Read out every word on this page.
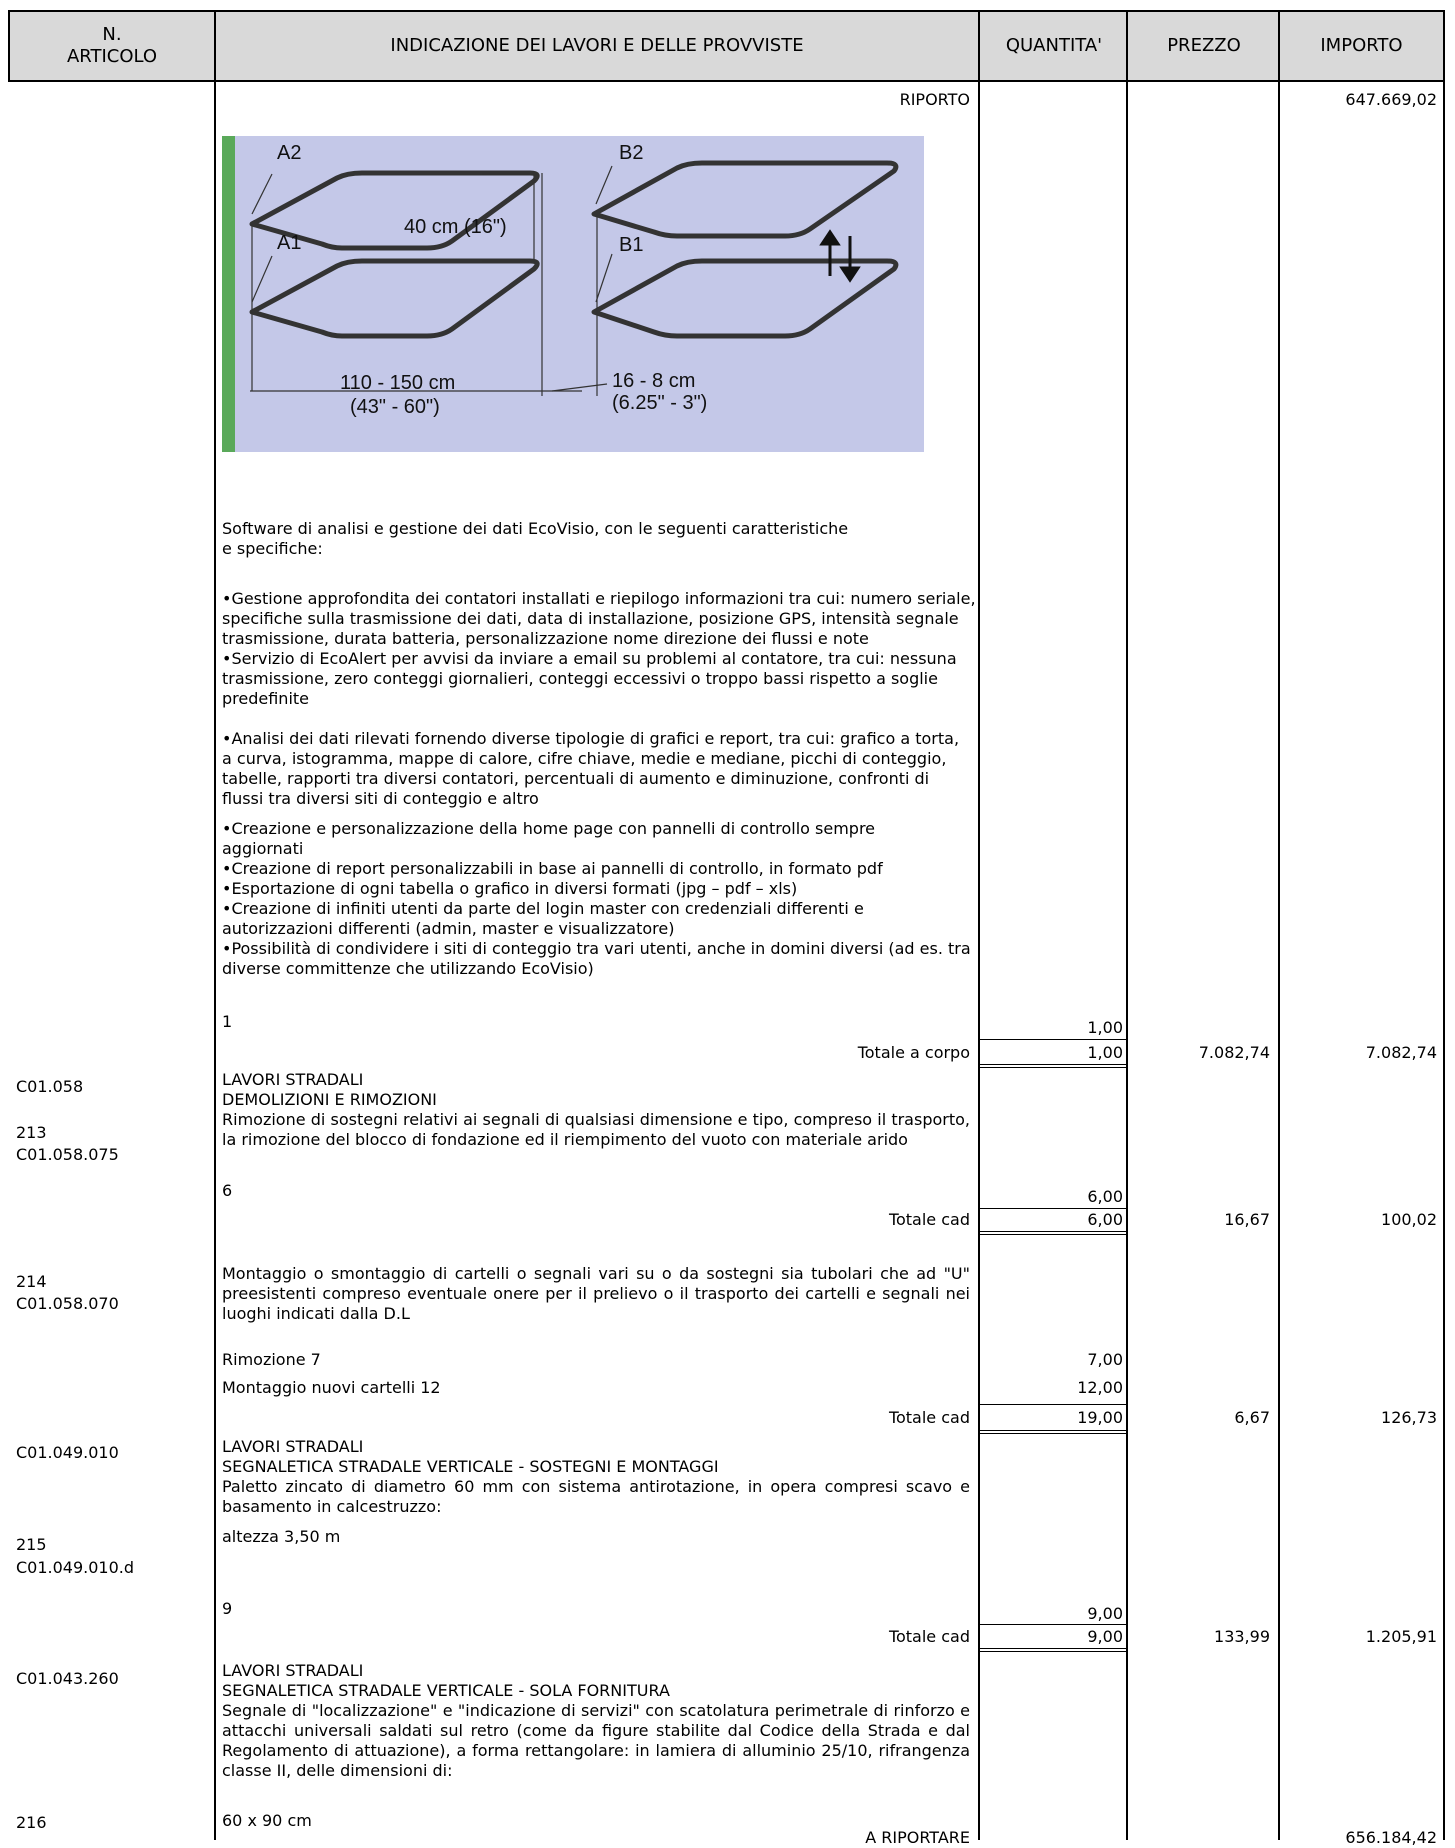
N.
ARTICOLO
INDICAZIONE DEI LAVORI E DELLE PROVVISTE	QUANTITA'	PREZZO	IMPORTO
RIPORTO	647.669,02
A2
A1
B2
B1
40 cm (16")
110 - 150 cm
(43" - 60")
16 - 8 cm
(6.25" - 3")
Software di analisi e gestione dei dati EcoVisio, con le seguenti caratteristiche e specifiche:
•Gestione approfondita dei contatori installati e riepilogo informazioni tra cui: numero seriale, specifiche sulla trasmissione dei dati, data di installazione, posizione GPS, intensità segnale trasmissione, durata batteria, personalizzazione nome direzione dei flussi e note
•Servizio di EcoAlert per avvisi da inviare a email su problemi al contatore, tra cui: nessuna trasmissione, zero conteggi giornalieri, conteggi eccessivi o troppo bassi rispetto a soglie predefinite
•Analisi dei dati rilevati fornendo diverse tipologie di grafici e report, tra cui: grafico a torta, a curva, istogramma, mappe di calore, cifre chiave, medie e mediane, picchi di conteggio, tabelle, rapporti tra diversi contatori, percentuali di aumento e diminuzione, confronti di flussi tra diversi siti di conteggio e altro
•Creazione e personalizzazione della home page con pannelli di controllo sempre aggiornati
•Creazione di report personalizzabili in base ai pannelli di controllo, in formato pdf
•Esportazione di ogni tabella o grafico in diversi formati (jpg – pdf – xls)
•Creazione di infiniti utenti da parte del login master con credenziali differenti e autorizzazioni differenti (admin, master e visualizzatore)
•Possibilità di condividere i siti di conteggio tra vari utenti, anche in domini diversi (ad es. tra diverse committenze che utilizzando EcoVisio)
1	1,00
Totale a corpo	1,00	7.082,74	7.082,74
C01.058
213
C01.058.075
LAVORI STRADALI
DEMOLIZIONI E RIMOZIONI
Rimozione di sostegni relativi ai segnali di qualsiasi dimensione e tipo, compreso il trasporto, la rimozione del blocco di fondazione ed il riempimento del vuoto con materiale arido
6	6,00
Totale cad	6,00	16,67	100,02
214
C01.058.070
Montaggio o smontaggio di cartelli o segnali vari su o da sostegni sia tubolari che ad "U" preesistenti compreso eventuale onere per il prelievo o il trasporto dei cartelli e segnali nei luoghi indicati dalla D.L
Rimozione 7	7,00
Montaggio nuovi cartelli 12	12,00
Totale cad	19,00	6,67	126,73
C01.049.010
215
C01.049.010.d
LAVORI STRADALI
SEGNALETICA STRADALE VERTICALE - SOSTEGNI E MONTAGGI
Paletto zincato di diametro 60 mm con sistema antirotazione, in opera compresi scavo e basamento in calcestruzzo:
altezza 3,50 m
9	9,00
Totale cad	9,00	133,99	1.205,91
C01.043.260
216
LAVORI STRADALI
SEGNALETICA STRADALE VERTICALE - SOLA FORNITURA
Segnale di "localizzazione" e "indicazione di servizi" con scatolatura perimetrale di rinforzo e attacchi universali saldati sul retro (come da figure stabilite dal Codice della Strada e dal Regolamento di attuazione), a forma rettangolare: in lamiera di alluminio 25/10, rifrangenza classe II, delle dimensioni di:
60 x 90 cm
A RIPORTARE	656.184,42
